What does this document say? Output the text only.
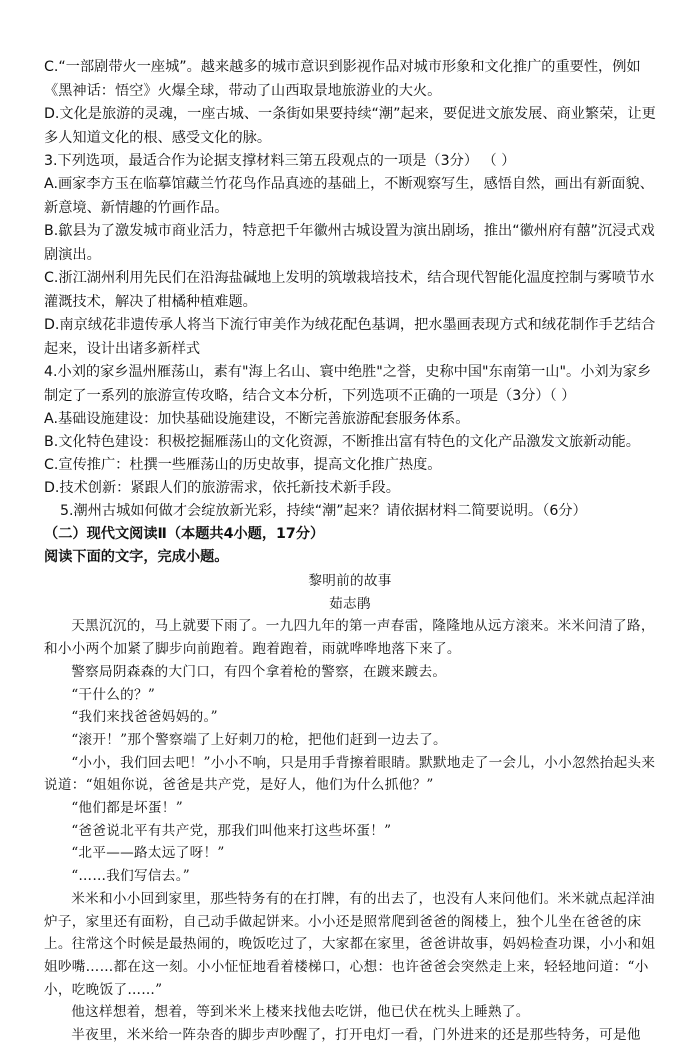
C.“一部剧带火一座城”。越来越多的城市意识到影视作品对城市形象和文化推广的重要性，例如《黑神话：悟空》火爆全球，带动了山西取景地旅游业的大火。

D.文化是旅游的灵魂，一座古城、一条街如果要持续“潮”起来，要促进文旅发展、商业繁荣，让更多人知道文化的根、感受文化的脉。

3.下列选项，最适合作为论据支撑材料三第五段观点的一项是（3分） （ ）

A.画家李方玉在临摹馆藏兰竹花鸟作品真迹的基础上，不断观察写生，感悟自然，画出有新面貌、新意境、新情趣的竹画作品。

B.歙县为了激发城市商业活力，特意把千年徽州古城设置为演出剧场，推出“徽州府有囍”沉浸式戏剧演出。

C.浙江湖州利用先民们在沿海盐碱地上发明的筑墩栽培技术，结合现代智能化温度控制与雾喷节水灌溉技术，解决了柑橘种植难题。

D.南京绒花非遗传承人将当下流行审美作为绒花配色基调，把水墨画表现方式和绒花制作手艺结合起来，设计出诸多新样式

4.小刘的家乡温州雁荡山，素有"海上名山、寰中绝胜"之誉，史称中国"东南第一山"。小刘为家乡制定了一系列的旅游宣传攻略，结合文本分析，下列选项不正确的一项是（3分）（ ）

A.基础设施建设：加快基础设施建设，不断完善旅游配套服务体系。

B.文化特色建设：积极挖掘雁荡山的文化资源，不断推出富有特色的文化产品激发文旅新动能。

C.宣传推广：杜撰一些雁荡山的历史故事，提高文化推广热度。

D.技术创新：紧跟人们的旅游需求，依托新技术新手段。

5.潮州古城如何做才会绽放新光彩，持续“潮”起来？请依据材料二简要说明。（6分）

（二）现代文阅读Ⅱ（本题共4小题，17分）

阅读下面的文字，完成小题。

黎明前的故事

茹志鹃

天黑沉沉的，马上就要下雨了。一九四九年的第一声春雷，隆隆地从远方滚来。米米问清了路，和小小两个加紧了脚步向前跑着。跑着跑着，雨就哗哗地落下来了。

警察局阴森森的大门口，有四个拿着枪的警察，在踱来踱去。

“干什么的？”

“我们来找爸爸妈妈的。”

“滚开！”那个警察端了上好刺刀的枪，把他们赶到一边去了。

“小小，我们回去吧！”小小不响，只是用手背擦着眼睛。默默地走了一会儿，小小忽然抬起头来说道：“姐姐你说，爸爸是共产党，是好人，他们为什么抓他？”

“他们都是坏蛋！”

“爸爸说北平有共产党，那我们叫他来打这些坏蛋！”

“北平——路太远了呀！”

“……我们写信去。”

米米和小小回到家里，那些特务有的在打牌，有的出去了，也没有人来问他们。米米就点起洋油炉子，家里还有面粉，自己动手做起饼来。小小还是照常爬到爸爸的阁楼上，独个儿坐在爸爸的床上。往常这个时候是最热闹的，晚饭吃过了，大家都在家里，爸爸讲故事，妈妈检查功课，小小和姐姐吵嘴……都在这一刻。小小怔怔地看着楼梯口，心想：也许爸爸会突然走上来，轻轻地问道：“小小，吃晚饭了……”

他这样想着，想着，等到米米上楼来找他去吃饼，他已伏在枕头上睡熟了。

半夜里，米米给一阵杂沓的脚步声吵醒了，打开电灯一看，门外进来的还是那些特务，可是他
